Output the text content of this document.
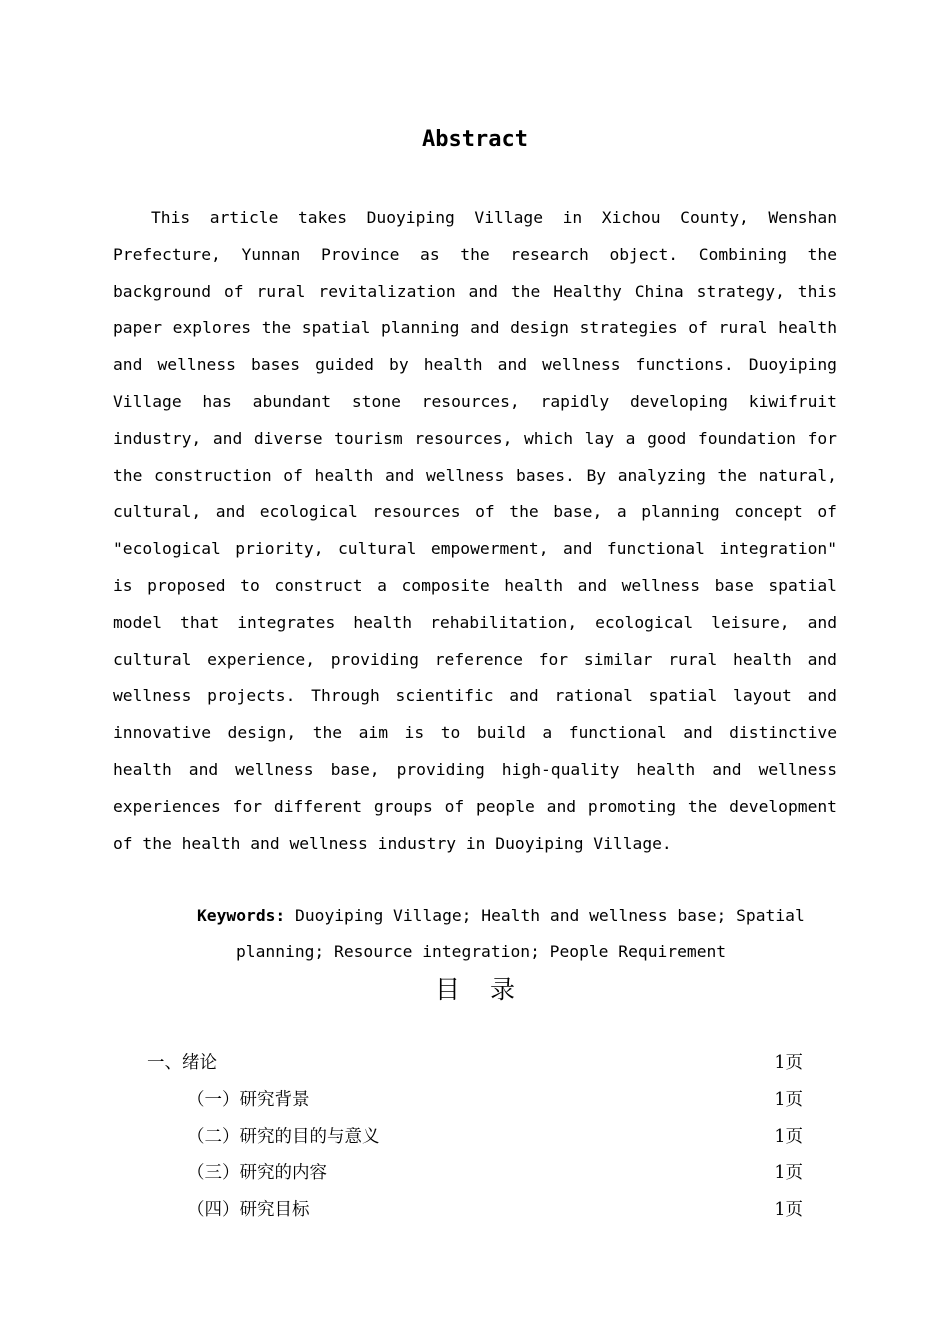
Abstract

This article takes Duoyiping Village in Xichou County, Wenshan Prefecture, Yunnan Province as the research object. Combining the background of rural revitalization and the Healthy China strategy, this paper explores the spatial planning and design strategies of rural health and wellness bases guided by health and wellness functions. Duoyiping Village has abundant stone resources, rapidly developing kiwifruit industry, and diverse tourism resources, which lay a good foundation for the construction of health and wellness bases. By analyzing the natural, cultural, and ecological resources of the base, a planning concept of "ecological priority, cultural empowerment, and functional integration" is proposed to construct a composite health and wellness base spatial model that integrates health rehabilitation, ecological leisure, and cultural experience, providing reference for similar rural health and wellness projects. Through scientific and rational spatial layout and innovative design, the aim is to build a functional and distinctive health and wellness base, providing high-quality health and wellness experiences for different groups of people and promoting the development of the health and wellness industry in Duoyiping Village.

Keywords: Duoyiping Village; Health and wellness base; Spatial planning; Resource integration; People Requirement

目录
一、绪论	1页
（一）研究背景	1页
（二）研究的目的与意义	1页
（三）研究的内容	1页
（四）研究目标	1页
